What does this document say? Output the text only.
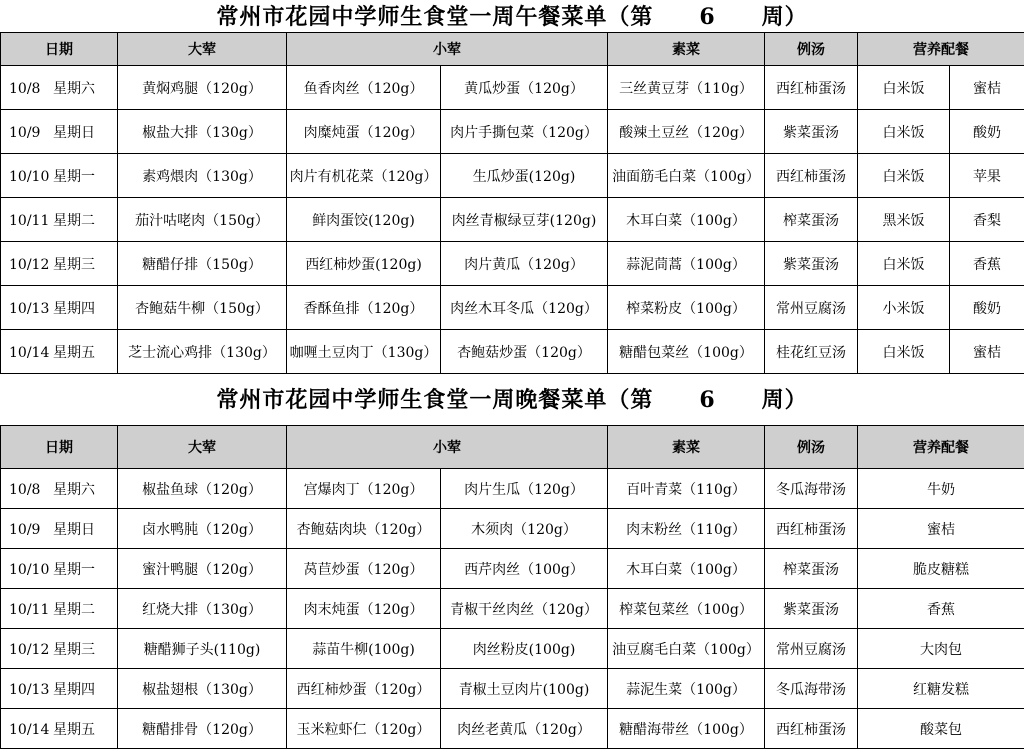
常州市花园中学师生食堂一周午餐菜单（第　　6　　周）
日期	大荤	小荤		素菜	例汤	营养配餐	
10/8 星期六	黄焖鸡腿（120g）	鱼香肉丝（120g）	黄瓜炒蛋（120g）	三丝黄豆芽（110g）	西红柿蛋汤	白米饭	蜜桔
10/9 星期日	椒盐大排（130g）	肉糜炖蛋（120g）	肉片手撕包菜（120g）	酸辣土豆丝（120g）	紫菜蛋汤	白米饭	酸奶
10/10 星期一	素鸡煨肉（130g）	肉片有机花菜（120g）	生瓜炒蛋(120g)	油面筋毛白菜（100g）	西红柿蛋汤	白米饭	苹果
10/11 星期二	茄汁咕咾肉（150g）	鲜肉蛋饺(120g)	肉丝青椒绿豆芽(120g)	木耳白菜（100g）	榨菜蛋汤	黑米饭	香梨
10/12 星期三	糖醋仔排（150g）	西红柿炒蛋(120g)	肉片黄瓜（120g）	蒜泥茼蒿（100g）	紫菜蛋汤	白米饭	香蕉
10/13 星期四	杏鲍菇牛柳（150g）	香酥鱼排（120g）	肉丝木耳冬瓜（120g）	榨菜粉皮（100g）	常州豆腐汤	小米饭	酸奶
10/14 星期五	芝士流心鸡排（130g）	咖喱土豆肉丁（130g）	杏鲍菇炒蛋（120g）	糖醋包菜丝（100g）	桂花红豆汤	白米饭	蜜桔
常州市花园中学师生食堂一周晚餐菜单（第　　6　　周）
日期	大荤	小荤		素菜	例汤	营养配餐
10/8 星期六	椒盐鱼球（120g）	宫爆肉丁（120g）	肉片生瓜（120g）	百叶青菜（110g）	冬瓜海带汤	牛奶
10/9 星期日	卤水鸭肫（120g）	杏鲍菇肉块（120g）	木须肉（120g）	肉末粉丝（110g）	西红柿蛋汤	蜜桔
10/10 星期一	蜜汁鸭腿（120g）	莴苣炒蛋（120g）	西芹肉丝（100g）	木耳白菜（100g）	榨菜蛋汤	脆皮糖糕
10/11 星期二	红烧大排（130g）	肉末炖蛋（120g）	青椒干丝肉丝（120g）	榨菜包菜丝（100g）	紫菜蛋汤	香蕉
10/12 星期三	糖醋狮子头(110g)	蒜苗牛柳(100g)	肉丝粉皮(100g)	油豆腐毛白菜（100g）	常州豆腐汤	大肉包
10/13 星期四	椒盐翅根（130g）	西红柿炒蛋（120g）	青椒土豆肉片(100g)	蒜泥生菜（100g）	冬瓜海带汤	红糖发糕
10/14 星期五	糖醋排骨（120g）	玉米粒虾仁（120g）	肉丝老黄瓜（120g）	糖醋海带丝（100g）	西红柿蛋汤	酸菜包
